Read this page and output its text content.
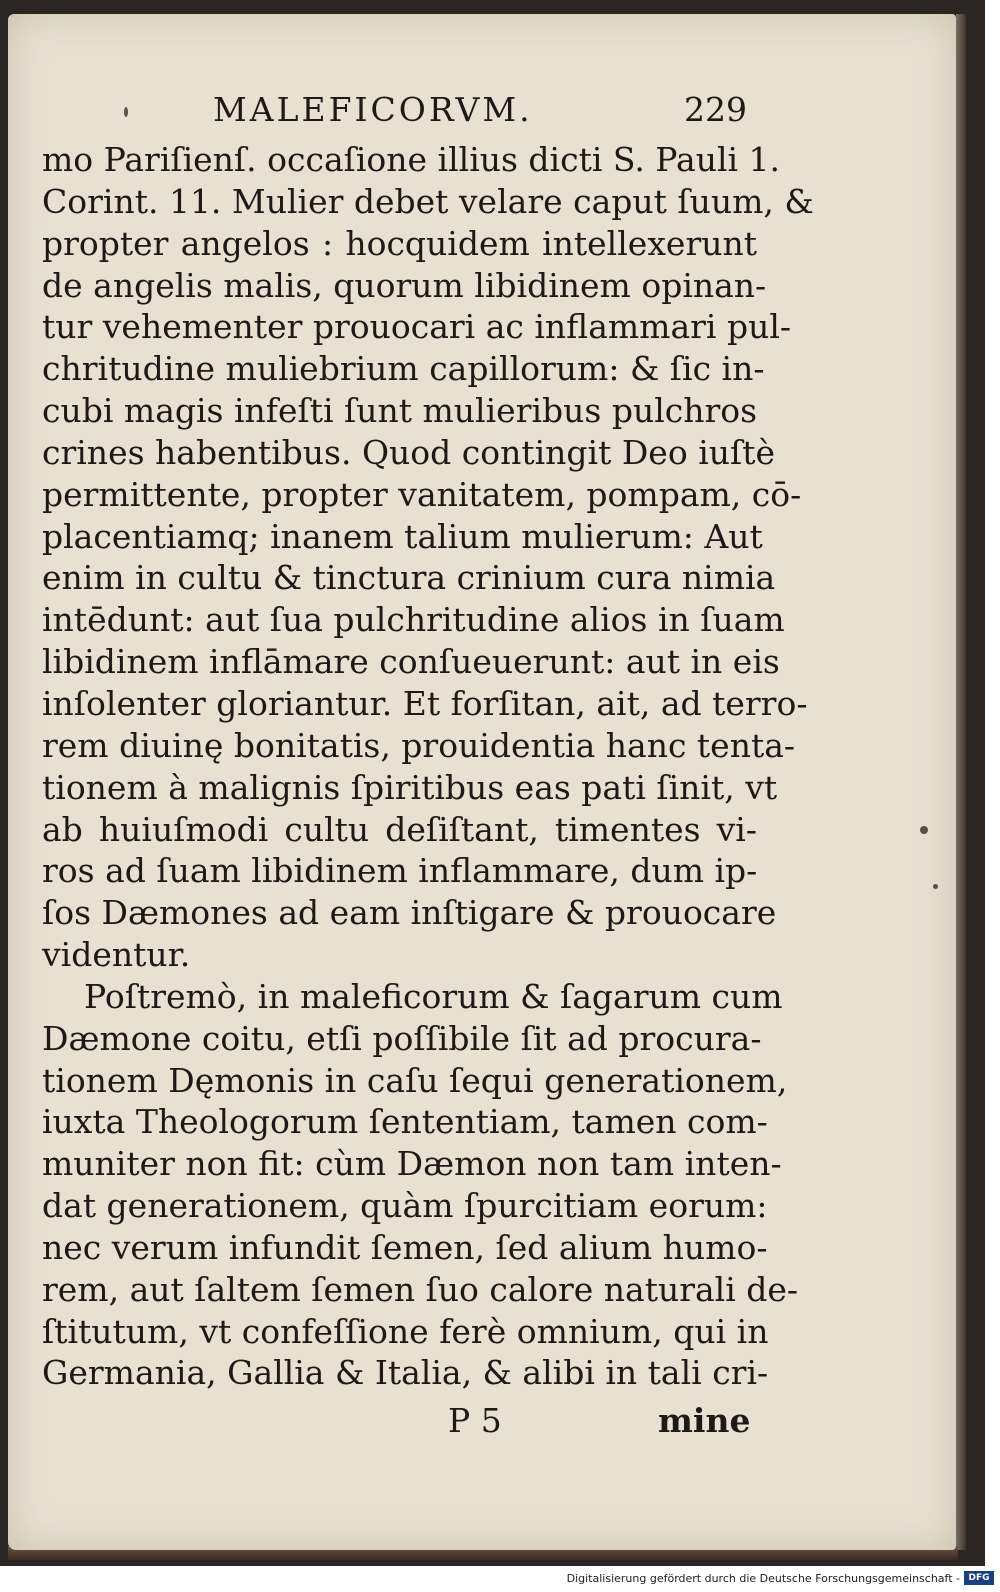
MALEFICORVM.	229
mo Pariſienſ. occaſione illius dicti S. Pauli 1.
Corint. 11. Mulier debet velare caput ſuum, &
propter angelos : hocquidem intellexerunt
de angelis malis, quorum libidinem opinan-
tur vehementer prouocari ac inflammari pul-
chritudine muliebrium capillorum: & ſic in-
cubi magis infeſti ſunt mulieribus pulchros
crines habentibus. Quod contingit Deo iuſtè
permittente, propter vanitatem, pompam, cō-
placentiamq; inanem talium mulierum: Aut
enim in cultu & tinctura crinium cura nimia
intēdunt: aut ſua pulchritudine alios in ſuam
libidinem inflāmare conſueuerunt: aut in eis
inſolenter gloriantur. Et forſitan, ait, ad terro-
rem diuinę bonitatis, prouidentia hanc tenta-
tionem à malignis ſpiritibus eas pati ſinit, vt
ab huiuſmodi cultu deſiſtant, timentes vi-
ros ad ſuam libidinem inflammare, dum ip-
ſos Dæmones ad eam inſtigare & prouocare
videntur.
Poſtremò, in maleficorum & ſagarum cum
Dæmone coitu, etſi poſſibile ſit ad procura-
tionem Dęmonis in caſu ſequi generationem,
iuxta Theologorum ſententiam, tamen com-
muniter non fit: cùm Dæmon non tam inten-
dat generationem, quàm ſpurcitiam eorum:
nec verum infundit ſemen, ſed alium humo-
rem, aut ſaltem ſemen ſuo calore naturali de-
ſtitutum, vt confeſſione ferè omnium, qui in
Germania, Gallia & Italia, & alibi in tali cri-
P 5	mine
Digitalisierung gefördert durch die Deutsche Forschungsgemeinschaft - DFG
